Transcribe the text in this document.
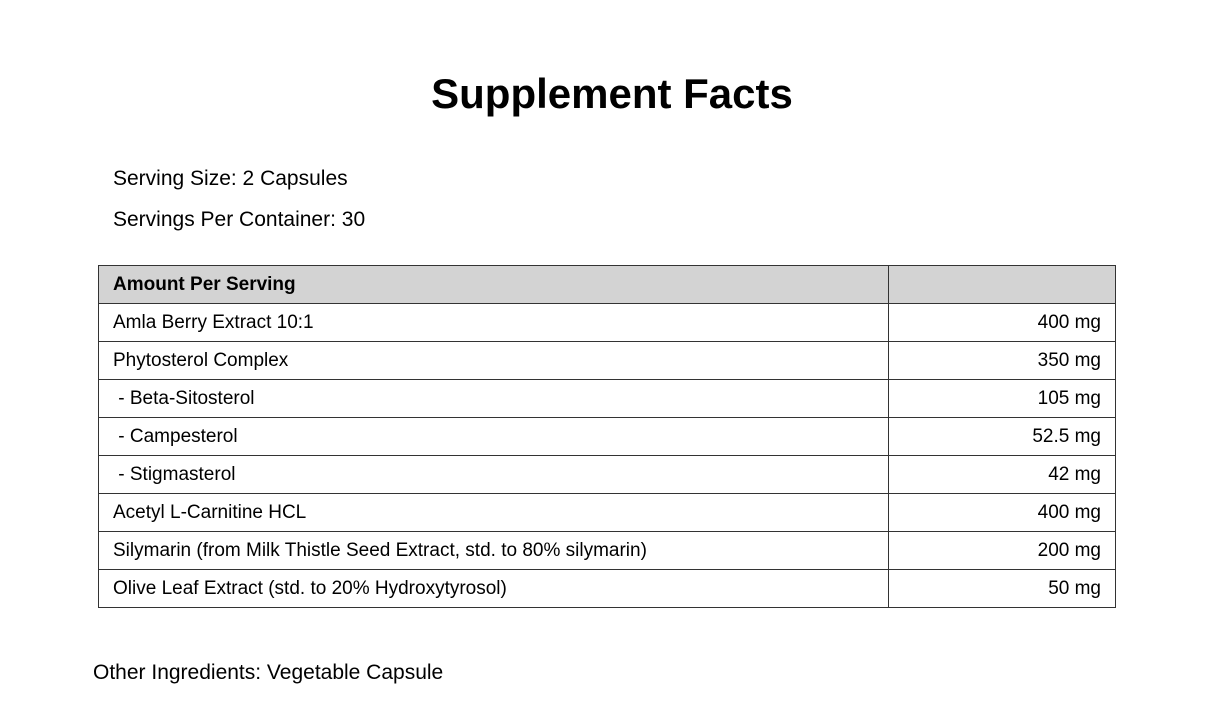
Supplement Facts
Serving Size: 2 Capsules
Servings Per Container: 30
Amount Per Serving	
Amla Berry Extract 10:1	400 mg
Phytosterol Complex	350 mg
- Beta-Sitosterol	105 mg
- Campesterol	52.5 mg
- Stigmasterol	42 mg
Acetyl L-Carnitine HCL	400 mg
Silymarin (from Milk Thistle Seed Extract, std. to 80% silymarin)	200 mg
Olive Leaf Extract (std. to 20% Hydroxytyrosol)	50 mg
Other Ingredients: Vegetable Capsule
